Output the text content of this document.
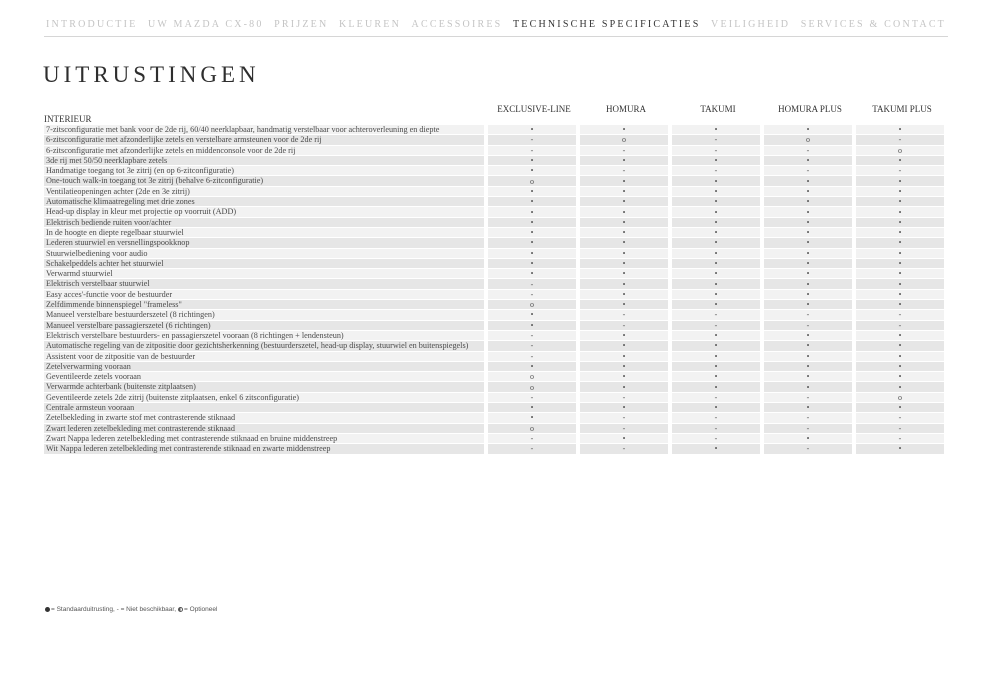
INTRODUCTIE UW MAZDA CX-80 PRIJZEN KLEUREN ACCESSOIRES TECHNISCHE SPECIFICATIES VEILIGHEID SERVICES & CONTACT
UITRUSTINGEN
INTERIEUR
EXCLUSIVE-LINE	HOMURA	TAKUMI	HOMURA PLUS	TAKUMI PLUS
7-zitsconfiguratie met bank voor de 2de rij, 60/40 neerklapbaar, handmatig verstelbaar voor achteroverleuning en diepte	•	•	•	•	•
6-zitsconfiguratie met afzonderlijke zetels en verstelbare armsteunen voor de 2de rij	-	o	-	o	-
6-zitsconfiguratie met afzonderlijke zetels en middenconsole voor de 2de rij	-	-	-	-	o
3de rij met 50/50 neerklapbare zetels	•	•	•	•	•
Handmatige toegang tot 3e zitrij (en op 6-zitconfiguratie)	•	-	-	-	-
One-touch walk-in toegang tot 3e zitrij (behalve 6-zitconfiguratie)	o	•	•	•	•
Ventilatieopeningen achter (2de en 3e zitrij)	•	•	•	•	•
Automatische klimaatregeling met drie zones	•	•	•	•	•
Head-up display in kleur met projectie op voorruit (ADD)	•	•	•	•	•
Elektrisch bediende ruiten voor/achter	•	•	•	•	•
In de hoogte en diepte regelbaar stuurwiel	•	•	•	•	•
Lederen stuurwiel en versnellingspookknop	•	•	•	•	•
Stuurwielbediening voor audio	•	•	•	•	•
Schakelpeddels achter het stuurwiel	•	•	•	•	•
Verwarmd stuurwiel	•	•	•	•	•
Elektrisch verstelbaar stuurwiel	-	•	•	•	•
Easy acces'-functie voor de bestuurder	-	•	•	•	•
Zelfdimmende binnenspiegel "frameless"	o	•	•	•	•
Manueel verstelbare bestuurderszetel (8 richtingen)	•	-	-	-	-
Manueel verstelbare passagierszetel (6 richtingen)	•	-	-	-	-
Elektrisch verstelbare bestuurders- en passagierszetel vooraan (8 richtingen + lendensteun)	-	•	•	•	•
Automatische regeling van de zitpositie door gezichtsherkenning (bestuurderszetel, head-up display, stuurwiel en buitenspiegels)	-	•	•	•	•
Assistent voor de zitpositie van de bestuurder	-	•	•	•	•
Zetelverwarming vooraan	•	•	•	•	•
Geventileerde zetels vooraan	o	•	•	•	•
Verwarmde achterbank (buitenste zitplaatsen)	o	•	•	•	•
Geventileerde zetels 2de zitrij (buitenste zitplaatsen, enkel 6 zitsconfiguratie)	-	-	-	-	o
Centrale armsteun vooraan	•	•	•	•	•
Zetelbekleding in zwarte stof met contrasterende stiknaad	•	-	-	-	-
Zwart lederen zetelbekleding met contrasterende stiknaad	o	-	-	-	-
Zwart Nappa lederen zetelbekleding met contrasterende stiknaad en bruine middenstreep	-	•	-	•	-
Wit Nappa lederen zetelbekleding met contrasterende stiknaad en zwarte middenstreep	-	-	•	-	•
= Standaarduitrusting,
- = Niet beschikbaar, = Optioneel
